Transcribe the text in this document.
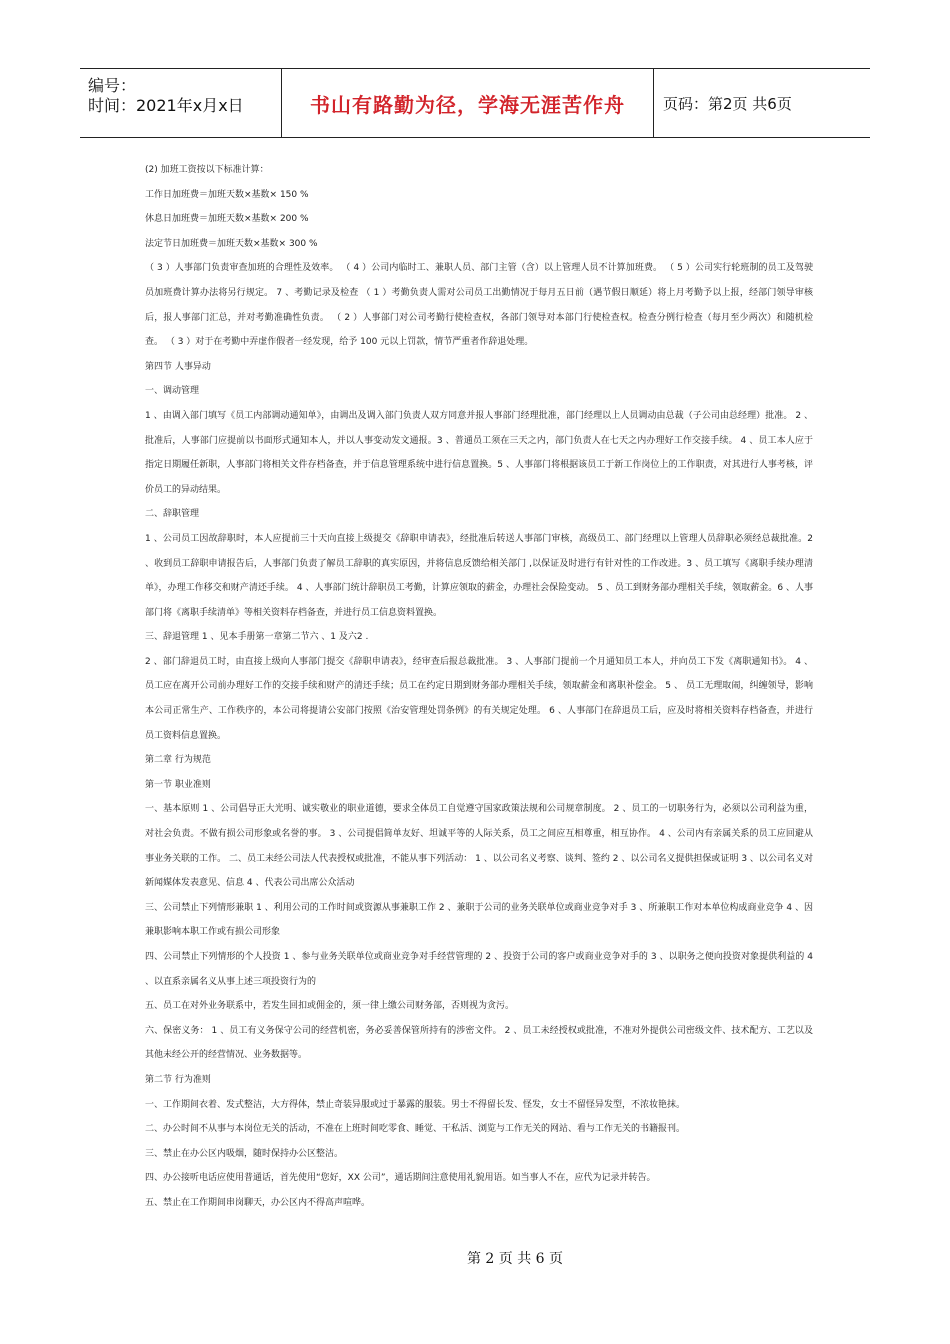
编号：
时间：2021年x月x日	书山有路勤为径，学海无涯苦作舟	页码：第2页 共6页

(2) 加班工资按以下标准计算：

工作日加班费＝加班天数×基数× 150 %

休息日加班费＝加班天数×基数× 200 %

法定节日加班费＝加班天数×基数× 300 %

（ 3 ）人事部门负责审查加班的合理性及效率。 （ 4 ）公司内临时工、兼职人员、部门主管（含）以上管理人员不计算加班费。 （ 5 ）公司实行轮班制的员工及驾驶员加班费计算办法将另行规定。 7 、考勤记录及检查 （ 1 ）考勤负责人需对公司员工出勤情况于每月五日前（遇节假日顺延）将上月考勤予以上报，经部门领导审核后，报人事部门汇总，并对考勤准确性负责。 （ 2 ）人事部门对公司考勤行使检查权，各部门领导对本部门行使检查权。检查分例行检查（每月至少两次）和随机检查。 （ 3 ）对于在考勤中弄虚作假者一经发现，给予 100 元以上罚款，情节严重者作辞退处理。

第四节 人事异动

一、调动管理

1 、由调入部门填写《员工内部调动通知单》，由调出及调入部门负责人双方同意并报人事部门经理批准，部门经理以上人员调动由总裁（子公司由总经理）批准。 2 、批准后，人事部门应提前以书面形式通知本人，并以人事变动发文通报。3 、普通员工须在三天之内，部门负责人在七天之内办理好工作交接手续。 4 、员工本人应于指定日期履任新职，人事部门将相关文件存档备查，并于信息管理系统中进行信息置换。5 、人事部门将根据该员工于新工作岗位上的工作职责，对其进行人事考核，评价员工的异动结果。

二、辞职管理

1 、公司员工因故辞职时，本人应提前三十天向直接上级提交《辞职申请表》，经批准后转送人事部门审核，高级员工、部门经理以上管理人员辞职必须经总裁批准。2 、收到员工辞职申请报告后，人事部门负责了解员工辞职的真实原因，并将信息反馈给相关部门 ,以保证及时进行有针对性的工作改进。3 、员工填写《离职手续办理清单》，办理工作移交和财产清还手续。 4 、人事部门统计辞职员工考勤，计算应领取的薪金，办理社会保险变动。 5 、员工到财务部办理相关手续，领取薪金。6 、人事部门将《离职手续清单》等相关资料存档备查，并进行员工信息资料置换。

三、辞退管理 1 、见本手册第一章第二节六 、1 及六2 .

2 、部门辞退员工时，由直接上级向人事部门提交《辞职申请表》，经审查后报总裁批准。 3 、人事部门提前一个月通知员工本人，并向员工下发《离职通知书》。 4 、员工应在离开公司前办理好工作的交接手续和财产的清还手续；员工在约定日期到财务部办理相关手续，领取薪金和离职补偿金。 5 、 员工无理取闹，纠缠领导，影响本公司正常生产、工作秩序的，本公司将提请公安部门按照《治安管理处罚条例》的有关规定处理。 6 、人事部门在辞退员工后，应及时将相关资料存档备查，并进行员工资料信息置换。

第二章 行为规范

第一节 职业准则

一、基本原则 1 、公司倡导正大光明、诚实敬业的职业道德，要求全体员工自觉遵守国家政策法规和公司规章制度。 2 、员工的一切职务行为，必须以公司利益为重，对社会负责。不做有损公司形象或名誉的事。 3 、公司提倡简单友好、坦诚平等的人际关系，员工之间应互相尊重，相互协作。 4 、公司内有亲属关系的员工应回避从事业务关联的工作。 二、员工未经公司法人代表授权或批准，不能从事下列活动： 1 、以公司名义考察、谈判、签约 2 、以公司名义提供担保或证明 3 、以公司名义对新闻媒体发表意见、信息 4 、代表公司出席公众活动

三、公司禁止下列情形兼职 1 、利用公司的工作时间或资源从事兼职工作 2 、兼职于公司的业务关联单位或商业竞争对手 3 、所兼职工作对本单位构成商业竞争 4 、因兼职影响本职工作或有损公司形象

四、公司禁止下列情形的个人投资 1 、参与业务关联单位或商业竞争对手经营管理的 2 、投资于公司的客户或商业竞争对手的 3 、以职务之便向投资对象提供利益的 4 、以直系亲属名义从事上述三项投资行为的

五、员工在对外业务联系中，若发生回扣或佣金的，须一律上缴公司财务部，否则视为贪污。

六、保密义务： 1 、员工有义务保守公司的经营机密，务必妥善保管所持有的涉密文件。 2 、员工未经授权或批准，不准对外提供公司密级文件、技术配方、工艺以及其他未经公开的经营情况、业务数据等。

第二节 行为准则

一、工作期间衣着、发式整洁，大方得体，禁止奇装异服或过于暴露的服装。男士不得留长发、怪发，女士不留怪异发型，不浓妆艳抹。

二、办公时间不从事与本岗位无关的活动，不准在上班时间吃零食、睡觉、干私活、浏览与工作无关的网站、看与工作无关的书籍报刊。

三、禁止在办公区内吸烟，随时保持办公区整洁。

四、办公接听电话应使用普通话，首先使用“您好，XX 公司”，通话期间注意使用礼貌用语。如当事人不在，应代为记录并转告。

五、禁止在工作期间串岗聊天，办公区内不得高声喧哗。

第 2 页 共 6 页
